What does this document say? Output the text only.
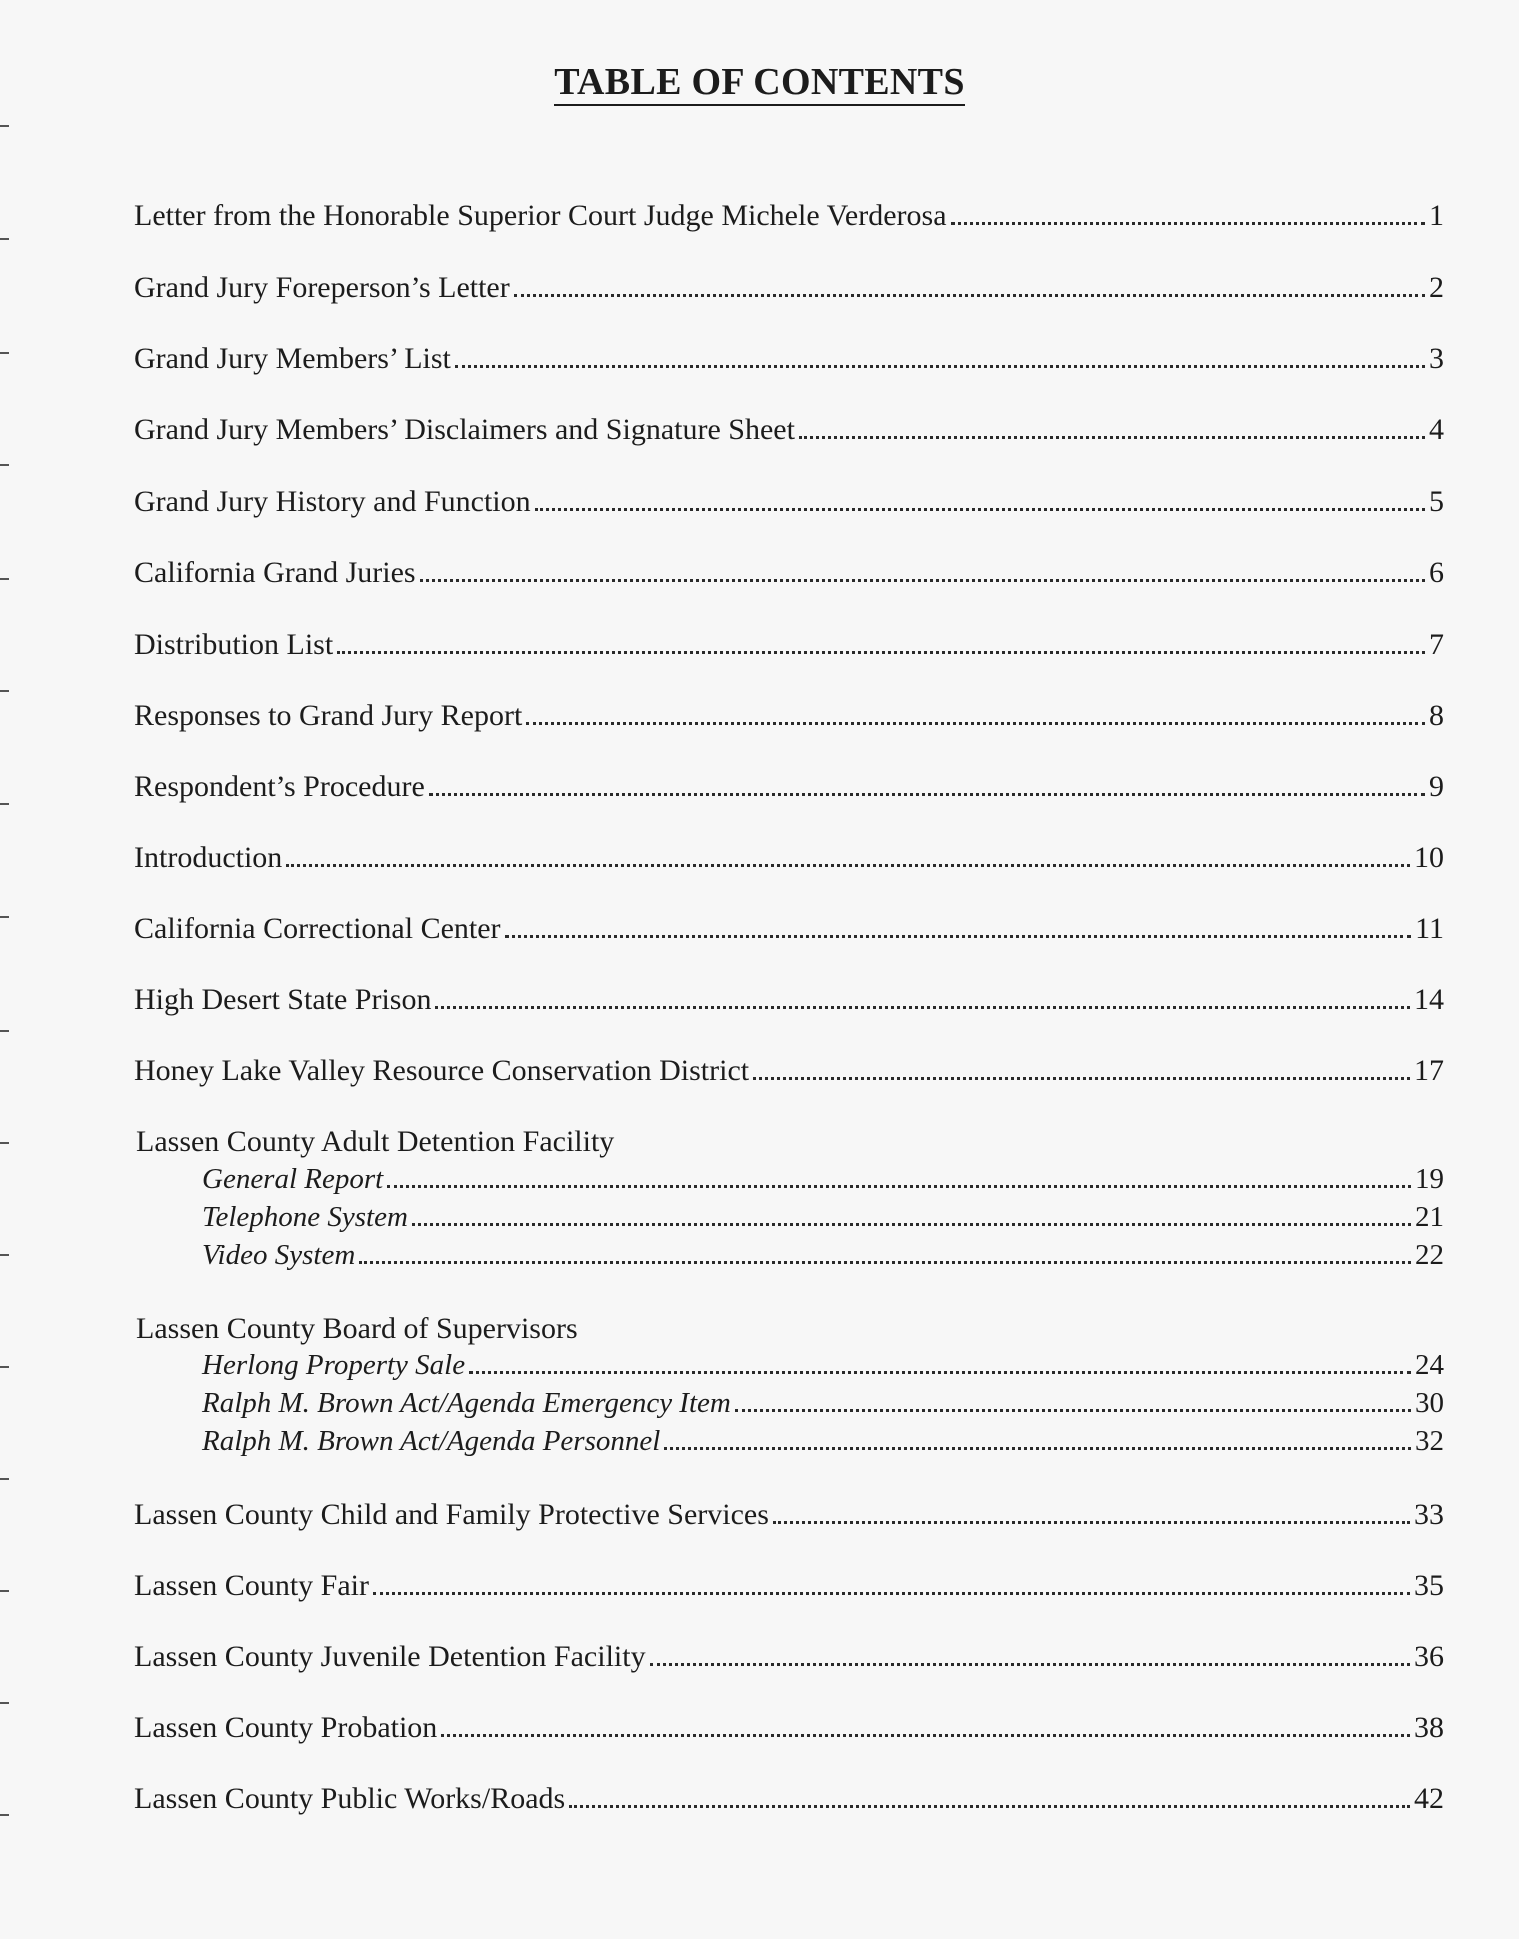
TABLE OF CONTENTS
Letter from the Honorable Superior Court Judge Michele Verderosa	1
Grand Jury Foreperson’s Letter	2
Grand Jury Members’ List	3
Grand Jury Members’ Disclaimers and Signature Sheet	4
Grand Jury History and Function	5
California Grand Juries	6
Distribution List	7
Responses to Grand Jury Report	8
Respondent’s Procedure	9
Introduction	10
California Correctional Center	11
High Desert State Prison	14
Honey Lake Valley Resource Conservation District	17
Lassen County Adult Detention Facility
General Report	19
Telephone System	21
Video System	22
Lassen County Board of Supervisors
Herlong Property Sale	24
Ralph M. Brown Act/Agenda Emergency Item	30
Ralph M. Brown Act/Agenda Personnel	32
Lassen County Child and Family Protective Services	33
Lassen County Fair	35
Lassen County Juvenile Detention Facility	36
Lassen County Probation	38
Lassen County Public Works/Roads	42
